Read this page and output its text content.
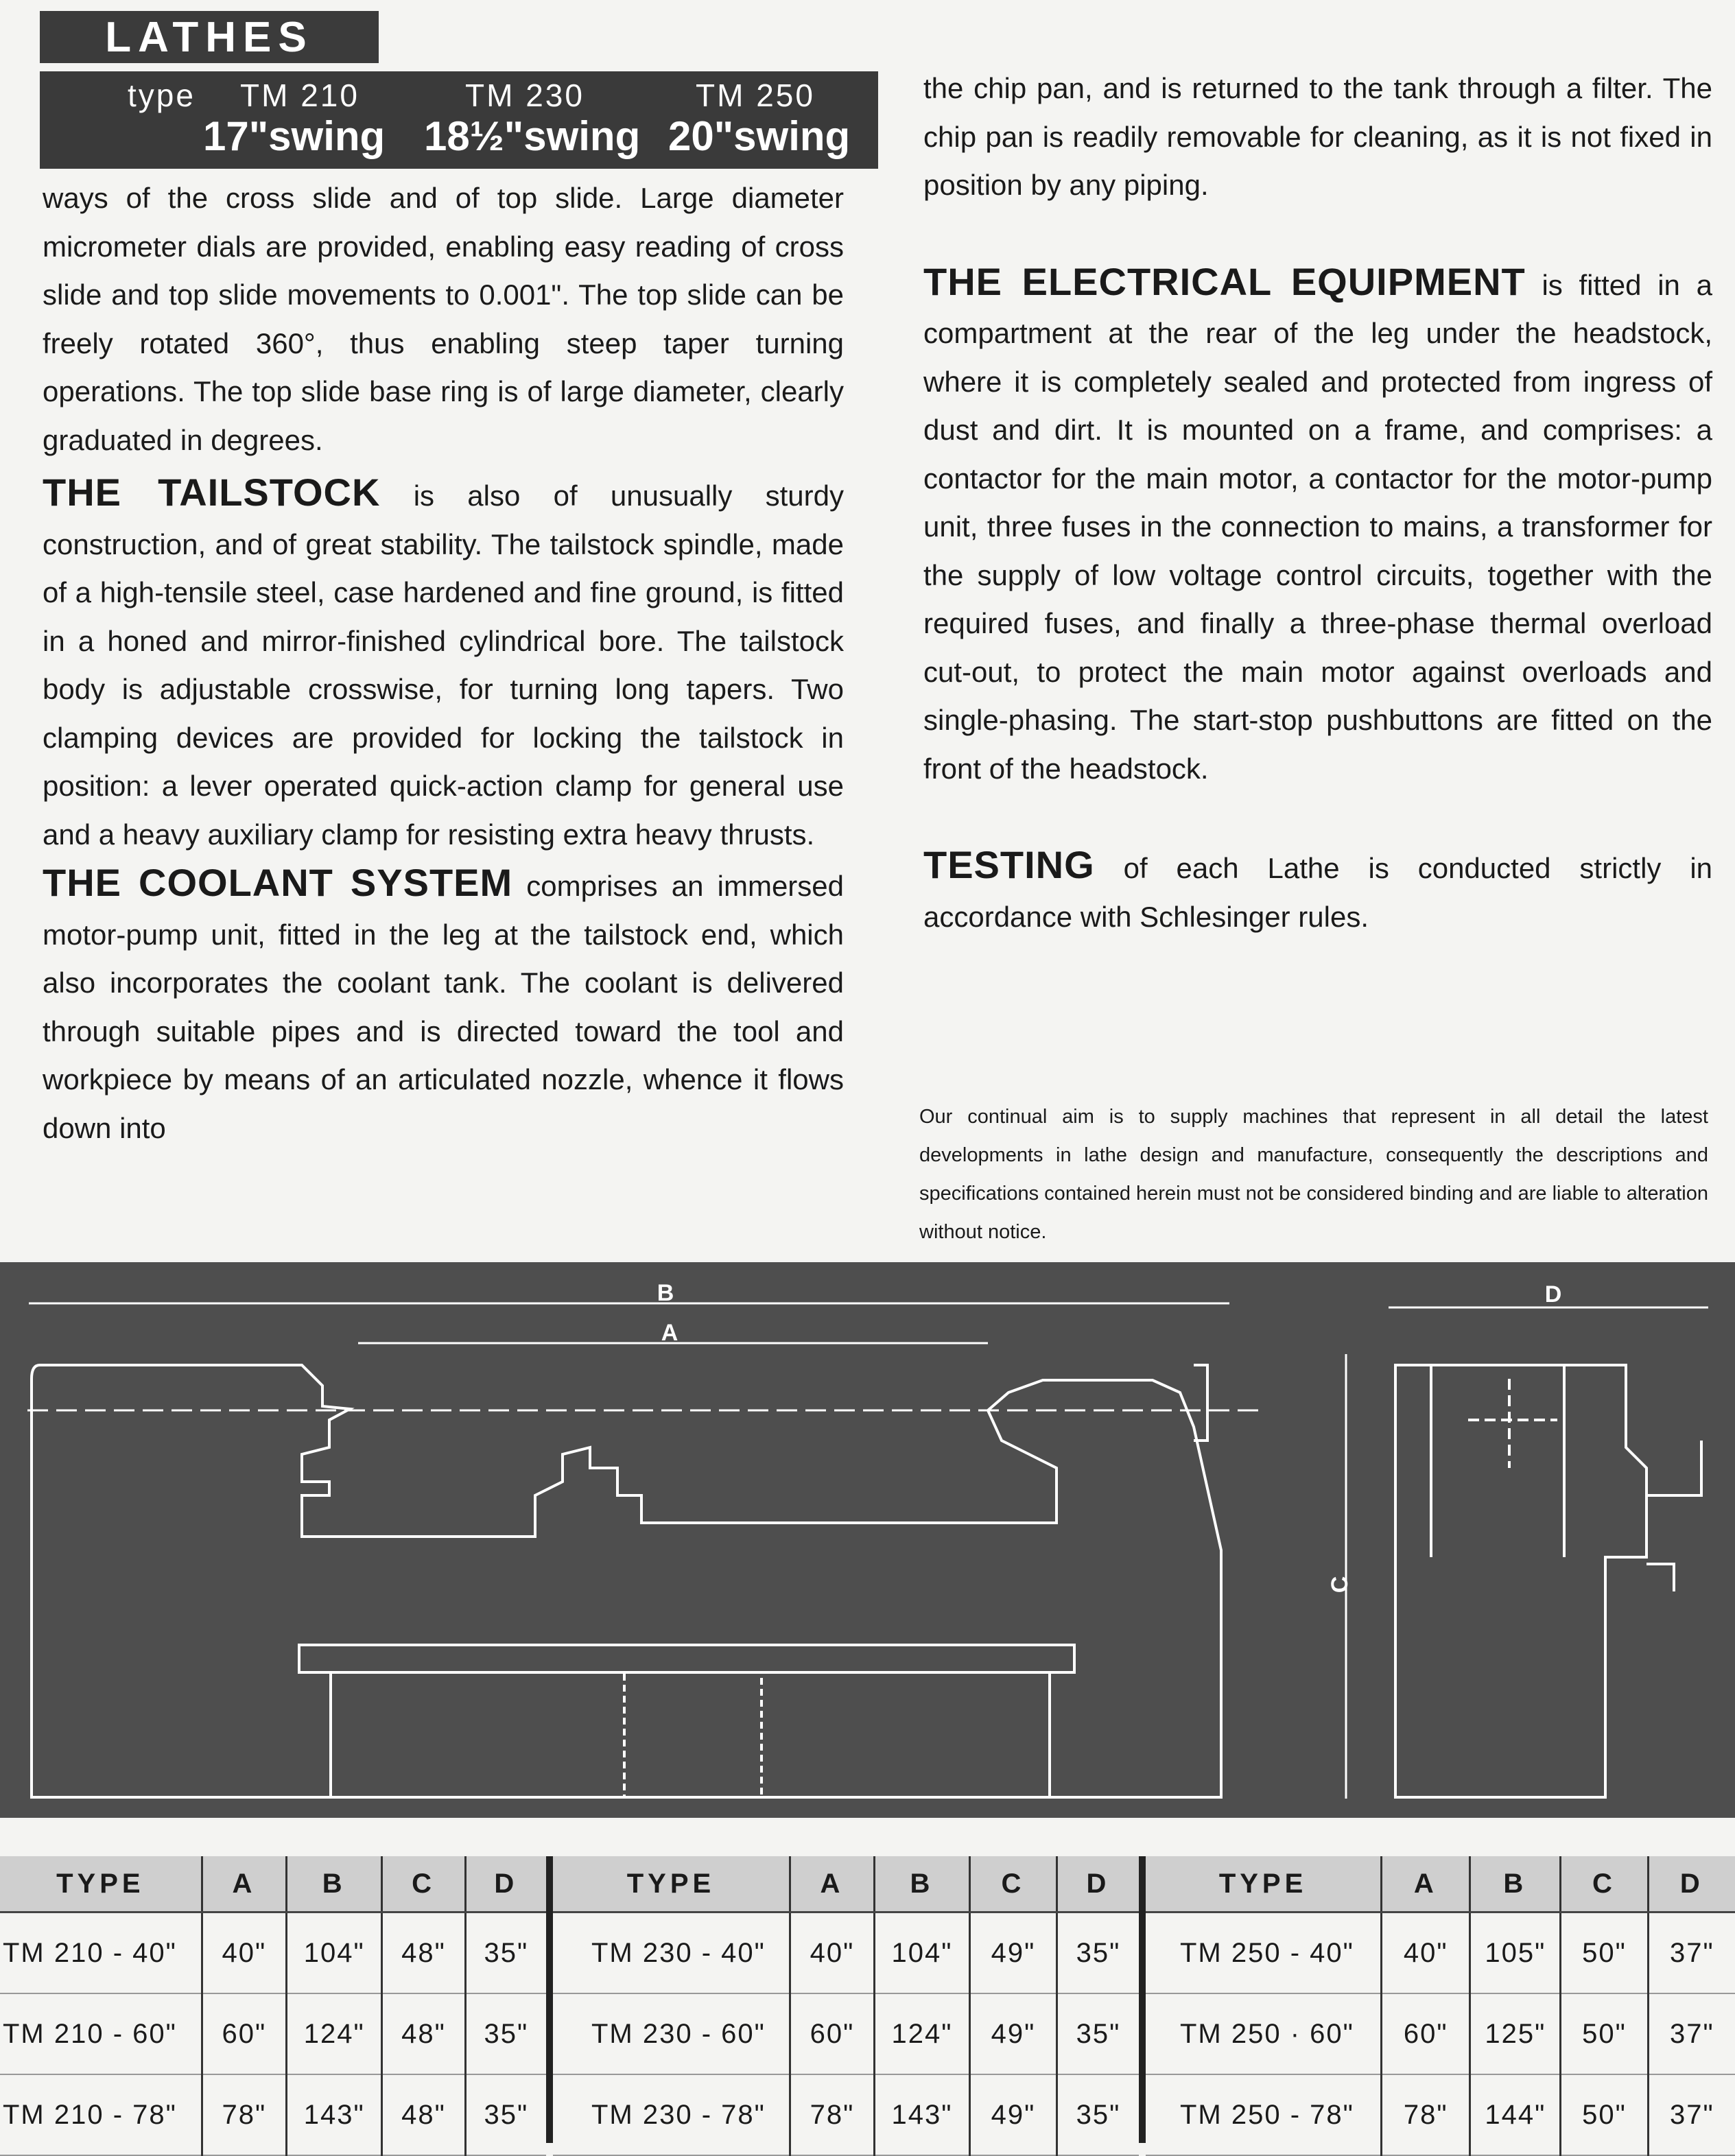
LATHES
type TM 210	TM 230	TM 250
17"swing 18½"swing 20"swing

ways of the cross slide and of top slide. Large diameter micrometer dials are provided, enabling easy reading of cross slide and top slide movements to 0.001". The top slide can be freely rotated 360°, thus enabling steep taper turning operations. The top slide base ring is of large diameter, clearly graduated in degrees.

THE TAILSTOCK is also of unusually sturdy construction, and of great stability. The tailstock spindle, made of a high-tensile steel, case hardened and fine ground, is fitted in a honed and mirror-finished cylindrical bore. The tailstock body is adjustable crosswise, for turning long tapers. Two clamping devices are provided for locking the tailstock in position: a lever operated quick-action clamp for general use and a heavy auxiliary clamp for resisting extra heavy thrusts.

THE COOLANT SYSTEM comprises an immersed motor-pump unit, fitted in the leg at the tailstock end, which also incorporates the coolant tank. The coolant is delivered through suitable pipes and is directed toward the tool and workpiece by means of an articulated nozzle, whence it flows down into

the chip pan, and is returned to the tank through a filter. The chip pan is readily removable for cleaning, as it is not fixed in position by any piping.

THE ELECTRICAL EQUIPMENT is fitted in a compartment at the rear of the leg under the headstock, where it is completely sealed and protected from ingress of dust and dirt. It is mounted on a frame, and comprises: a contactor for the main motor, a contactor for the motor-pump unit, three fuses in the connection to mains, a transformer for the supply of low voltage control circuits, together with the required fuses, and finally a three-phase thermal overload cut-out, to protect the main motor against overloads and single-phasing. The start-stop pushbuttons are fitted on the front of the headstock.

TESTING of each Lathe is conducted strictly in accordance with Schlesinger rules.

Our continual aim is to supply machines that represent in all detail the latest developments in lathe design and manufacture, consequently the descriptions and specifications contained herein must not be considered binding and are liable to alteration without notice.
B
A
D
C
TYPE	A	B	C	D
TM 210 - 40"	40"	104"	48"	35"
TM 210 - 60"	60"	124"	48"	35"
TM 210 - 78"	78"	143"	48"	35"
TYPE	A	B	C	D
TM 230 - 40"	40"	104"	49"	35"
TM 230 - 60"	60"	124"	49"	35"
TM 230 - 78"	78"	143"	49"	35"
TYPE	A	B	C	D
TM 250 - 40"	40"	105"	50"	37"
TM 250 · 60"	60"	125"	50"	37"
TM 250 - 78"	78"	144"	50"	37"
